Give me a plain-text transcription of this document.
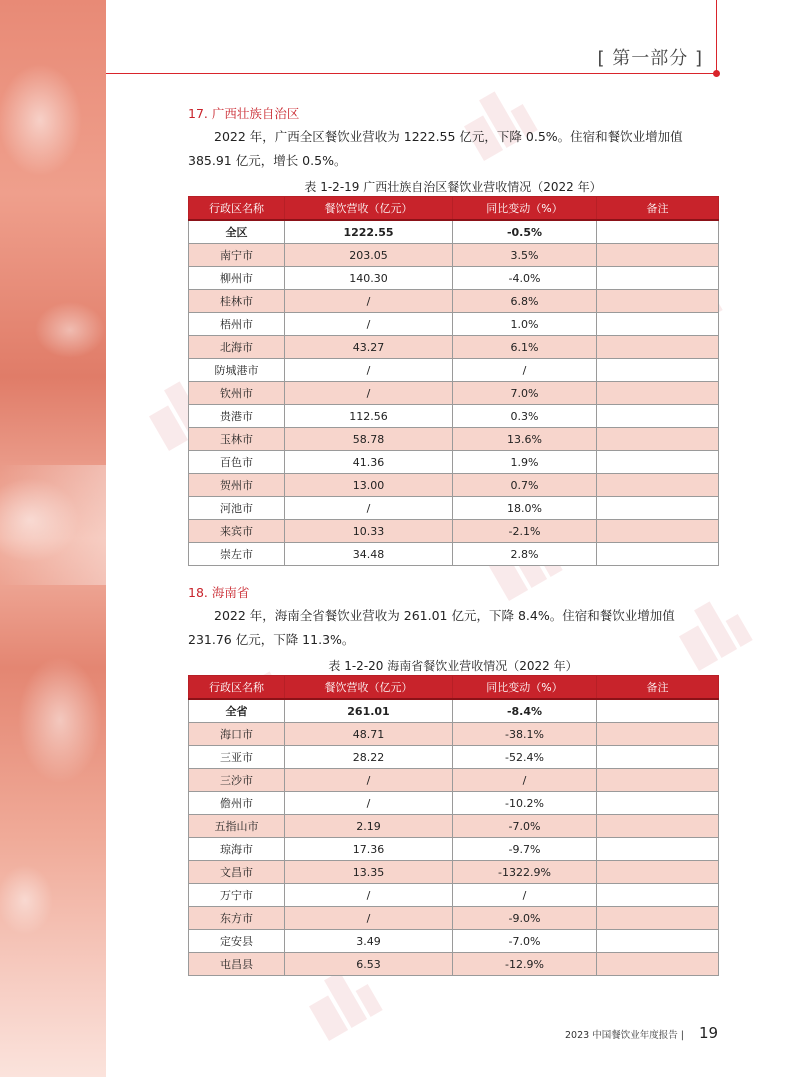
[ 第一部分 ]

17. 广西壮族自治区

2022 年，广西全区餐饮业营收为 1222.55 亿元，下降 0.5%。住宿和餐饮业增加值 385.91 亿元，增长 0.5%。

表 1-2-19 广西壮族自治区餐饮业营收情况（2022 年）
行政区名称	餐饮营收（亿元）	同比变动（%）	备注
全区	1222.55	-0.5%	
南宁市	203.05	3.5%	
柳州市	140.30	-4.0%	
桂林市	/	6.8%	
梧州市	/	1.0%	
北海市	43.27	6.1%	
防城港市	/	/	
钦州市	/	7.0%	
贵港市	112.56	0.3%	
玉林市	58.78	13.6%	
百色市	41.36	1.9%	
贺州市	13.00	0.7%	
河池市	/	18.0%	
来宾市	10.33	-2.1%	
崇左市	34.48	2.8%	

18. 海南省

2022 年，海南全省餐饮业营收为 261.01 亿元，下降 8.4%。住宿和餐饮业增加值 231.76 亿元，下降 11.3%。

表 1-2-20 海南省餐饮业营收情况（2022 年）
行政区名称	餐饮营收（亿元）	同比变动（%）	备注
全省	261.01	-8.4%	
海口市	48.71	-38.1%	
三亚市	28.22	-52.4%	
三沙市	/	/	
儋州市	/	-10.2%	
五指山市	2.19	-7.0%	
琼海市	17.36	-9.7%	
文昌市	13.35	-1322.9%	
万宁市	/	/	
东方市	/	-9.0%	
定安县	3.49	-7.0%	
屯昌县	6.53	-12.9%	
2023 中国餐饮业年度报告 | 19
